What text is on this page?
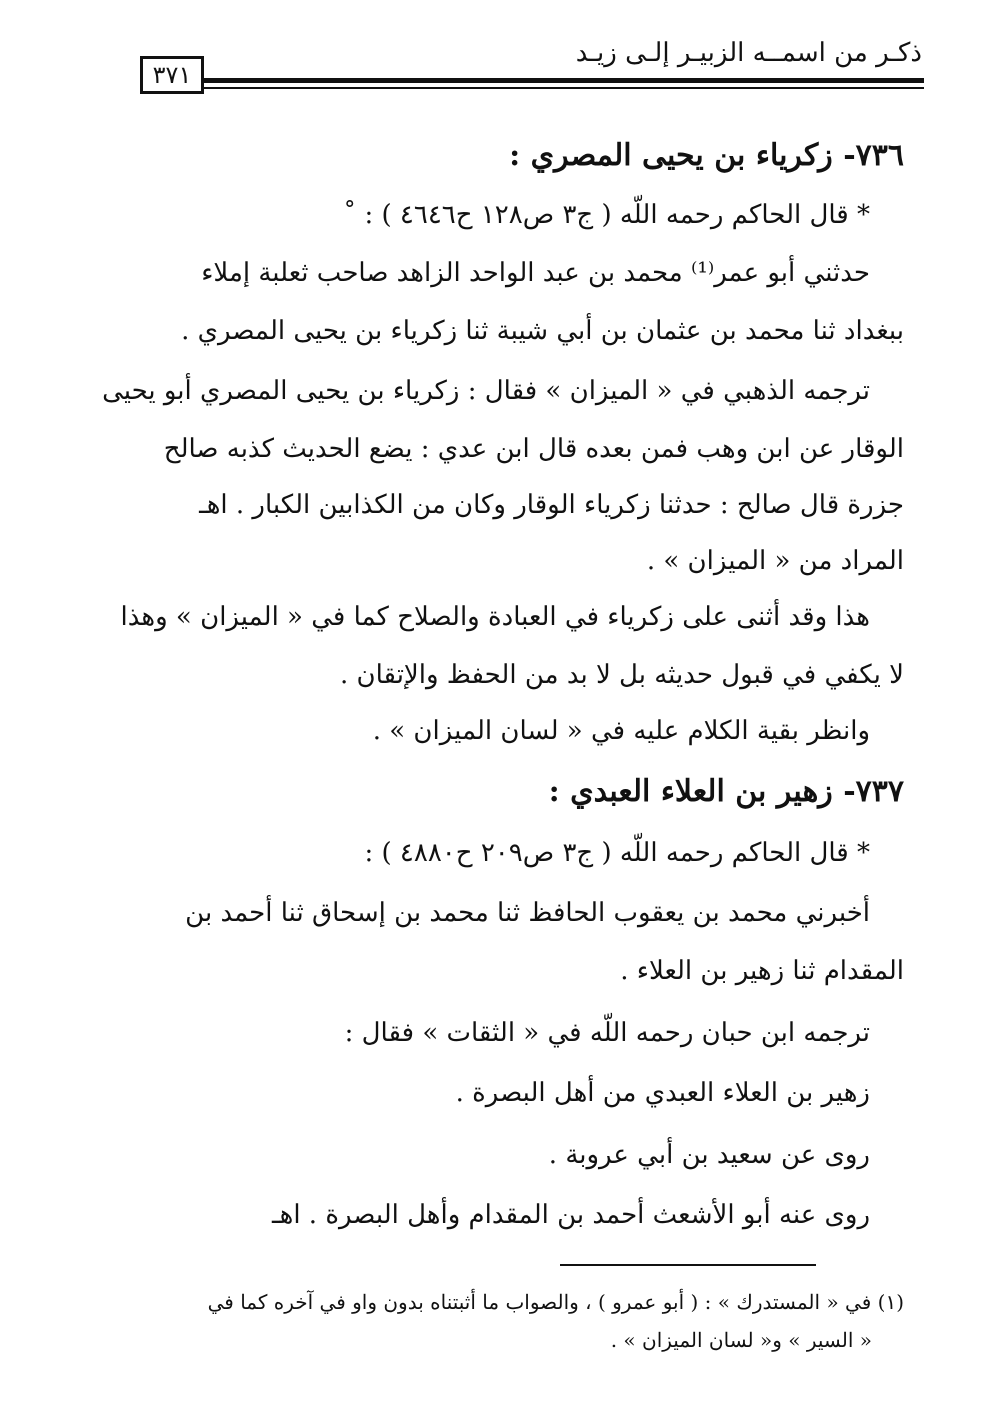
ذكـر من اسمــه الزبيـر إلـى زيـد
٣٧١
٧٣٦- زكرياء بن يحيى المصري :
* قال الحاكم رحمه اللّه ( ج٣ ص١٢٨ ح٤٦٤٦ ) : ˚
حدثني أبو عمر⁽¹⁾ محمد بن عبد الواحد الزاهد صاحب ثعلبة إملاء
ببغداد ثنا محمد بن عثمان بن أبي شيبة ثنا زكرياء بن يحيى المصري .
ترجمه الذهبي في « الميزان » فقال : زكرياء بن يحيى المصري أبو يحيى
الوقار عن ابن وهب فمن بعده قال ابن عدي : يضع الحديث كذبه صالح
جزرة قال صالح : حدثنا زكرياء الوقار وكان من الكذابين الكبار . اهـ
المراد من « الميزان » .
هذا وقد أثنى على زكرياء في العبادة والصلاح كما في « الميزان » وهذا
لا يكفي في قبول حديثه بل لا بد من الحفظ والإتقان .
وانظر بقية الكلام عليه في « لسان الميزان » .
٧٣٧- زهير بن العلاء العبدي :
* قال الحاكم رحمه اللّه ( ج٣ ص٢٠٩ ح٤٨٨٠ ) :
أخبرني محمد بن يعقوب الحافظ ثنا محمد بن إسحاق ثنا أحمد بن
المقدام ثنا زهير بن العلاء .
ترجمه ابن حبان رحمه اللّه في « الثقات » فقال :
زهير بن العلاء العبدي من أهل البصرة .
روى عن سعيد بن أبي عروبة .
روى عنه أبو الأشعث أحمد بن المقدام وأهل البصرة . اهـ
(١) في « المستدرك » : ( أبو عمرو ) ، والصواب ما أثبتناه بدون واو في آخره كما في
« السير » و« لسان الميزان » .
